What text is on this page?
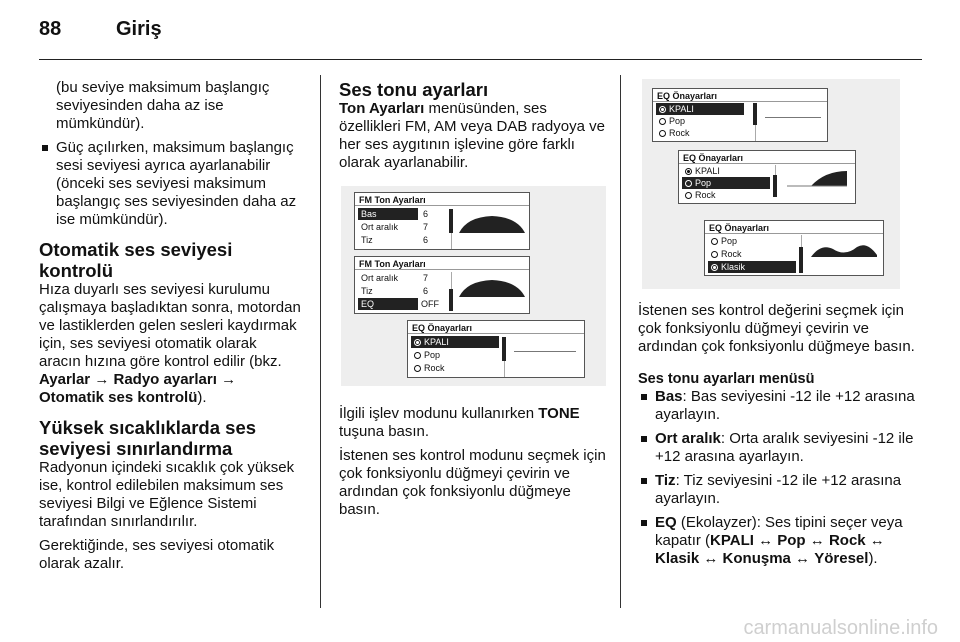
88	Giriş
(bu seviye maksimum başlangıç seviyesinden daha az ise mümkündür).
Güç açılırken, maksimum başlangıç sesi seviyesi ayrıca ayarlanabilir (önceki ses seviyesi maksimum başlangıç ses seviyesinden daha az ise mümkündür).
Otomatik ses seviyesi kontrolü
Hıza duyarlı ses seviyesi kurulumu çalışmaya başladıktan sonra, motordan ve lastiklerden gelen sesleri kaydırmak için, ses seviyesi otomatik olarak aracın hızına göre kontrol edilir (bkz. Ayarlar → Radyo ayarları → Otomatik ses kontrolü).
Yüksek sıcaklıklarda ses seviyesi sınırlandırma
Radyonun içindeki sıcaklık çok yüksek ise, kontrol edilebilen maksimum ses seviyesi Bilgi ve Eğlence Sistemi tarafından sınırlandırılır.
Gerektiğinde, ses seviyesi otomatik olarak azalır.
Ses tonu ayarları
Ton Ayarları menüsünden, ses özellikleri FM, AM veya DAB radyoya ve her ses aygıtının işlevine göre farklı olarak ayarlanabilir.
FM Ton Ayarları
Bas	6
Ort aralık	7
Tiz	6
FM Ton Ayarları
Ort aralık	7
Tiz	6
EQ	OFF
EQ Önayarları
KPALI
Pop
Rock
İlgili işlev modunu kullanırken TONE tuşuna basın.
İstenen ses kontrol modunu seçmek için çok fonksiyonlu düğmeyi çevirin ve ardından çok fonksiyonlu düğmeye basın.
EQ Önayarları
KPALI
Pop
Rock
EQ Önayarları
KPALI
Pop
Rock
EQ Önayarları
Pop
Rock
Klasik
İstenen ses kontrol değerini seçmek için çok fonksiyonlu düğmeyi çevirin ve ardından çok fonksiyonlu düğmeye basın.
Ses tonu ayarları menüsü
Bas: Bas seviyesini -12 ile +12 arasına ayarlayın.
Ort aralık: Orta aralık seviyesini -12 ile +12 arasına ayarlayın.
Tiz: Tiz seviyesini -12 ile +12 arasına ayarlayın.
EQ (Ekolayzer): Ses tipini seçer veya kapatır (KPALI ↔ Pop ↔ Rock ↔ Klasik ↔ Konuşma ↔ Yöresel).
carmanualsonline.info
